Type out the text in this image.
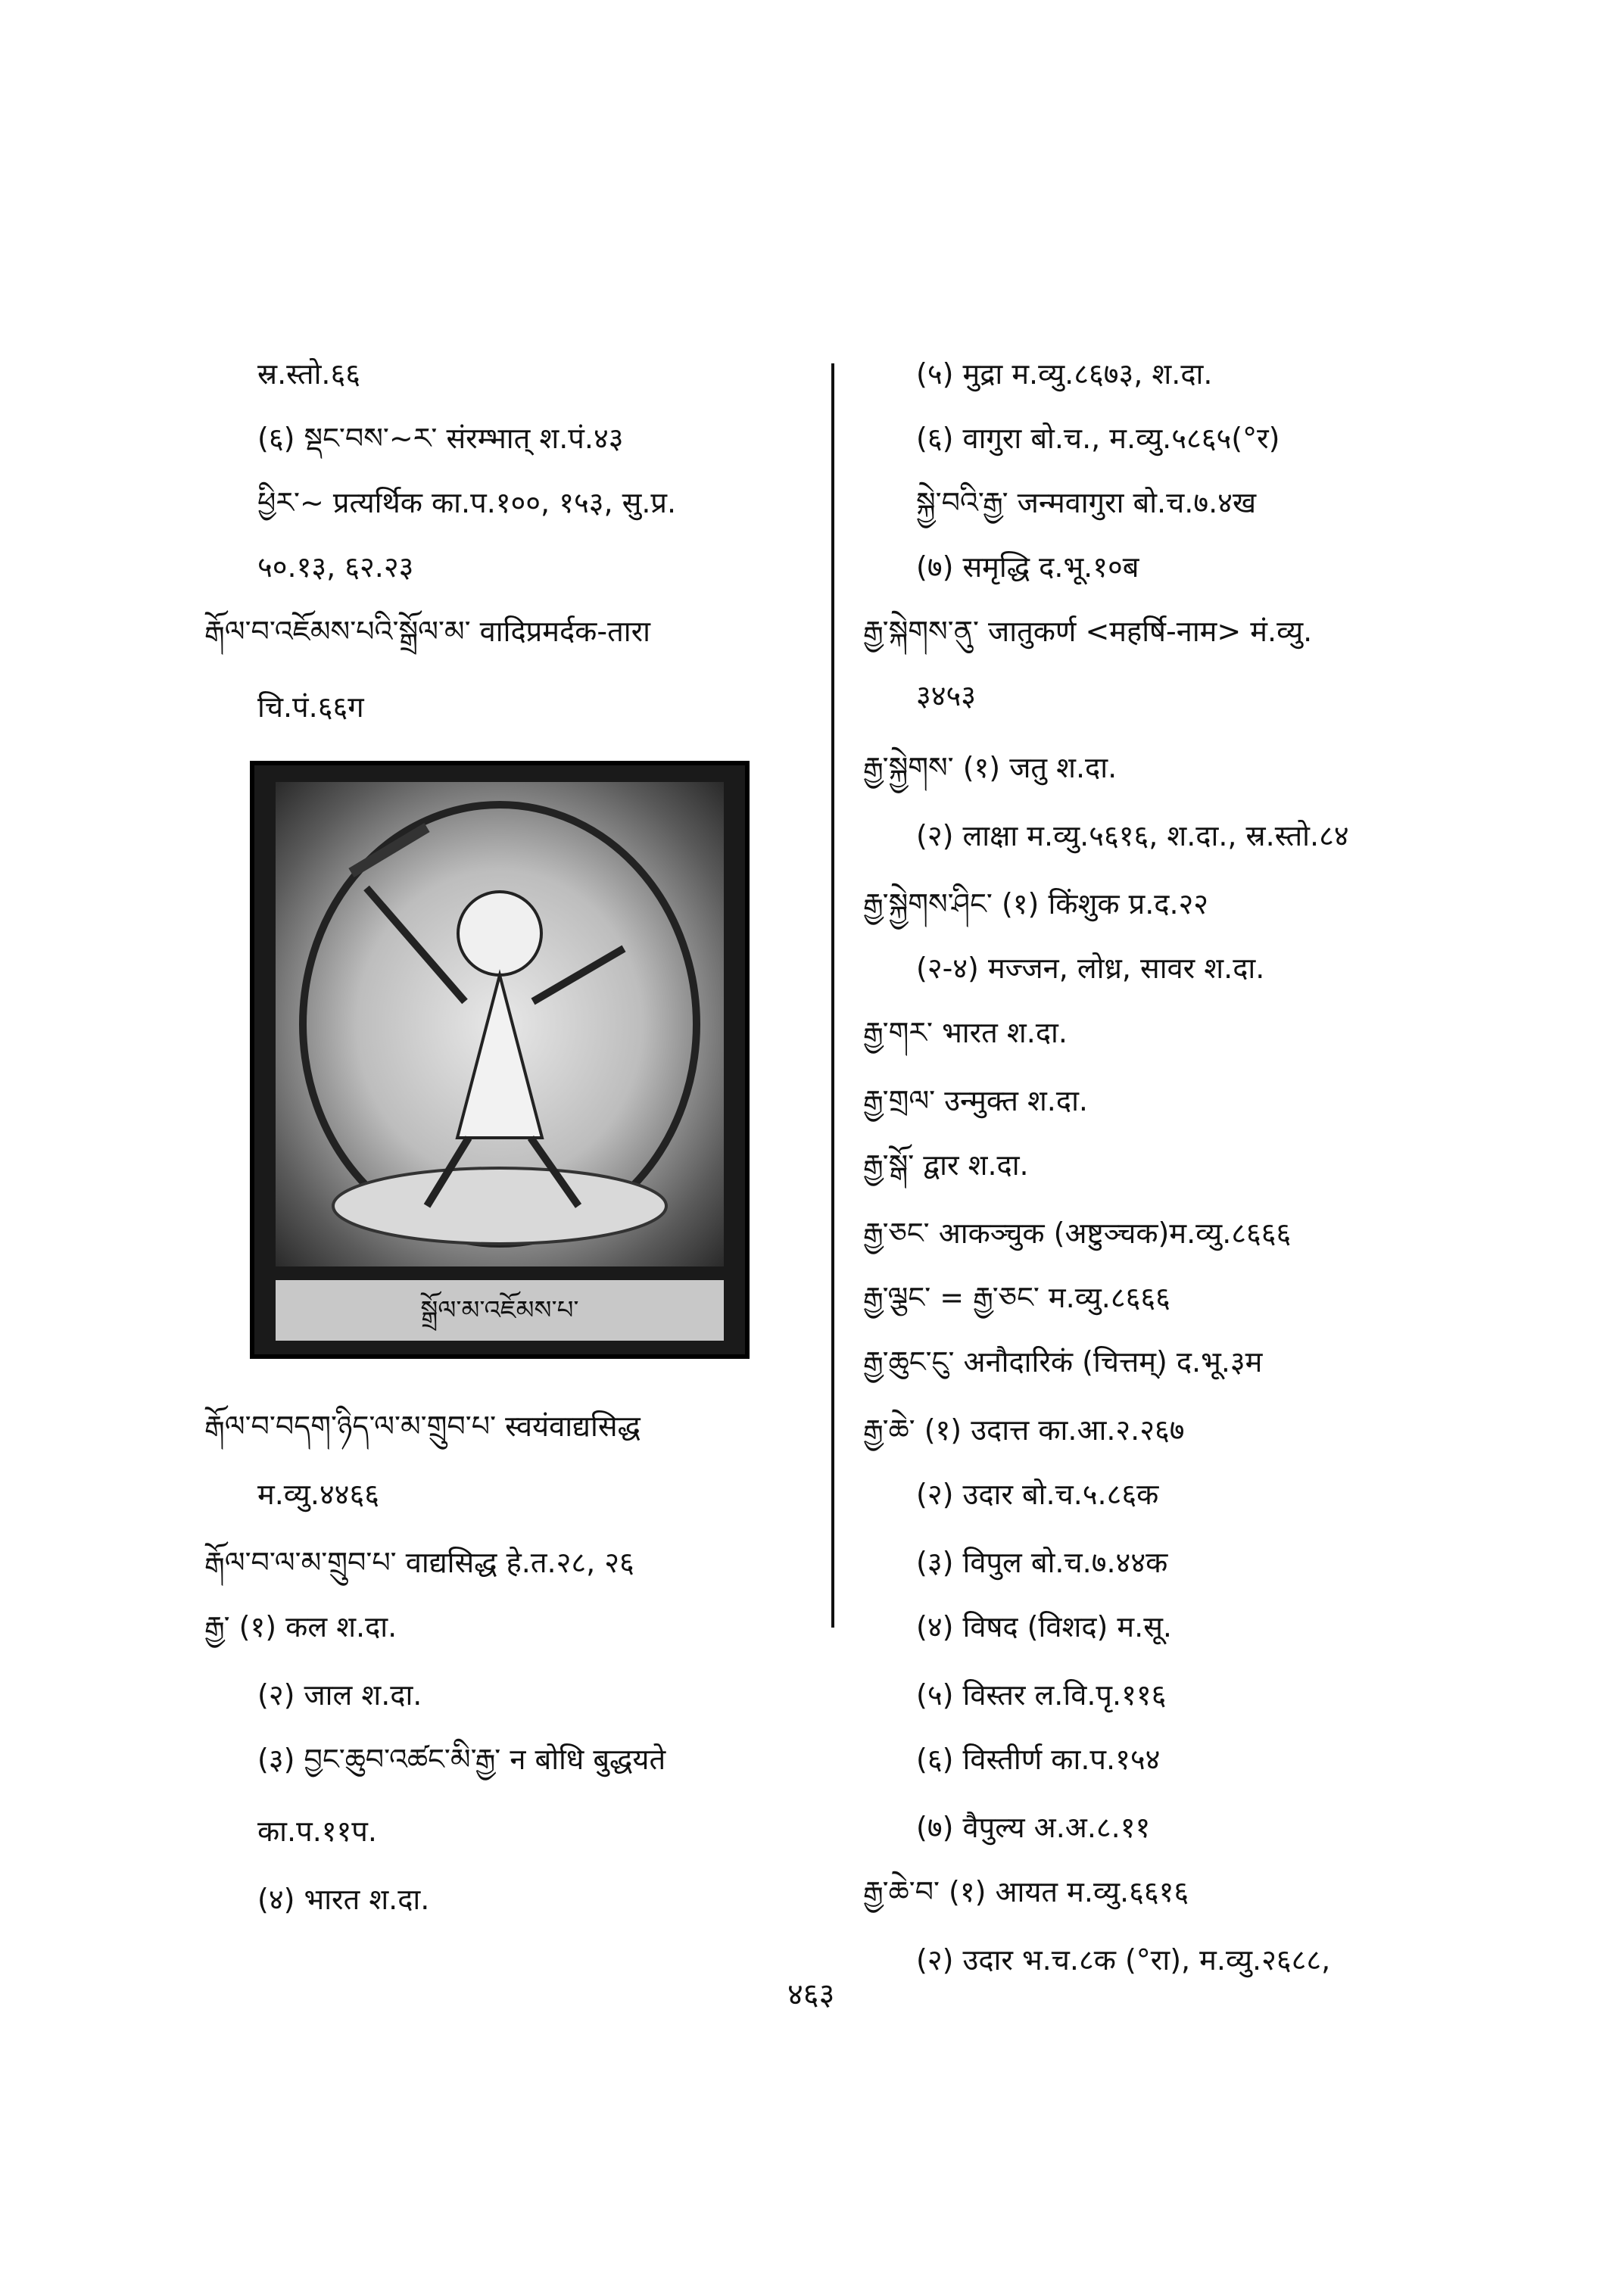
स्र.स्तो.६६
(६) སྡང་བས་~ར་ संरम्भात् श.पं.४३
ཕྱིར་~ प्रत्यर्थिक का.प.१००, १५३, सु.प्र.
५०.१३, ६२.२३
རྒོལ་བ་འཇོམས་པའི་སྒྲོལ་མ་ वादिप्रमर्दक-तारा
चि.पं.६६ग
རྒོལ་བ་བདག་ཉིད་ལ་མ་གྲུབ་པ་ स्वयंवाद्यसिद्ध
म.व्यु.४४६६
རྒོལ་བ་ལ་མ་གྲུབ་པ་ वाद्यसिद्ध हे.त.२८, २६
རྒྱ་ (१) कल श.दा.
(२) जाल श.दा.
(३) བྱང་ཆུབ་འཚང་མི་རྒྱ་ न बोधि बुद्धयते
का.प.११प.
(४) भारत श.दा.
(५) मुद्रा म.व्यु.८६७३, श.दा.
(६) वागुरा बो.च., म.व्यु.५८६५(°र)
སྐྱེ་བའི་རྒྱ་ जन्मवागुरा बो.च.७.४ख
(७) समृद्धि द.भू.१०ब
རྒྱ་སྐེགས་ནུ་ जातुकर्ण <महर्षि-नाम> मं.व्यु.
३४५३
རྒྱ་སྐྱེགས་ (१) जतु श.दा.
(२) लाक्षा म.व्यु.५६१६, श.दा., स्र.स्तो.८४
རྒྱ་སྐྱེགས་ཤིང་ (१) किंशुक प्र.द.२२
(२-४) मज्जन, लोध्र, सावर श.दा.
རྒྱ་གར་ भारत श.दा.
རྒྱ་གྲལ་ उन्मुक्त श.दा.
རྒྱ་སྒོ་ द्वार श.दा.
རྒྱ་ཅང་ आकञ्चुक (अष्टुञ्चक)म.व्यु.८६६६
རྒྱ་ལྕང་ = རྒྱ་ཅང་ म.व्यु.८६६६
རྒྱ་ཆུང་ངུ་ अनौदारिकं (चित्तम्) द.भू.३म
རྒྱ་ཆེ་ (१) उदात्त का.आ.२.२६७
(२) उदार बो.च.५.८६क
(३) विपुल बो.च.७.४४क
(४) विषद (विशद) म.सू.
(५) विस्तर ल.वि.पृ.११६
(६) विस्तीर्ण का.प.१५४
(७) वैपुल्य अ.अ.८.११
རྒྱ་ཆེ་བ་ (१) आयत म.व्यु.६६१६
(२) उदार भ.च.८क (°रा), म.व्यु.२६८८,
སྒྲོལ་མ་འཇོམས་པ་
४६३
